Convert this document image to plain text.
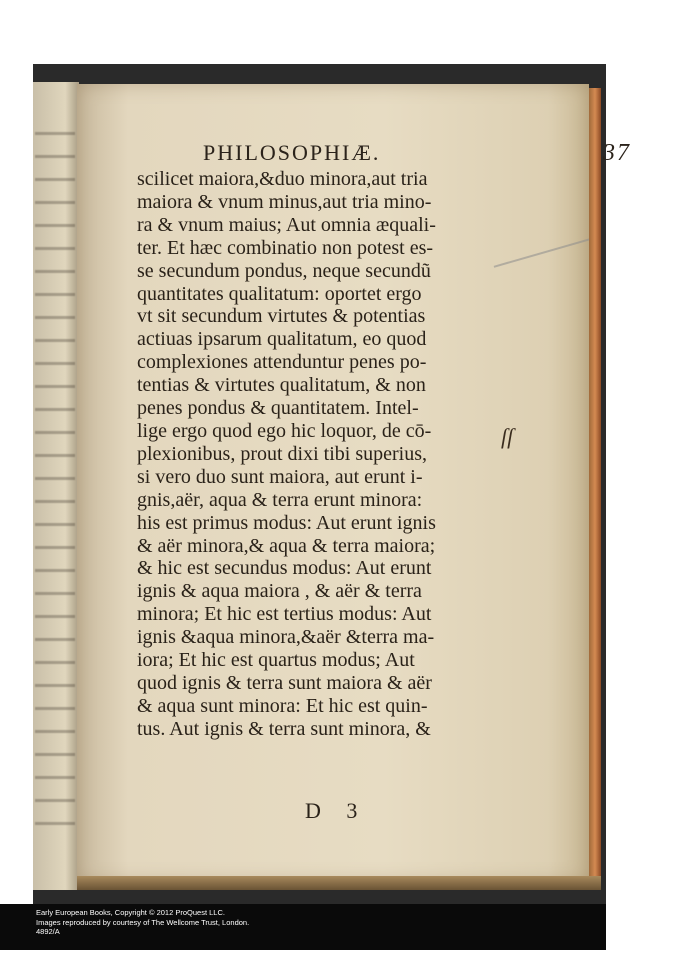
PHILOSOPHIÆ.	37
scilicet maiora,&duo minora,aut tria
maiora & vnum minus,aut tria mino-
ra & vnum maius; Aut omnia æquali-
ter. Et hæc combinatio non potest es-
se secundum pondus, neque secundũ
quantitates qualitatum: oportet ergo
vt sit secundum virtutes & potentias
actiuas ipsarum qualitatum, eo quod
complexiones attenduntur penes po-
tentias & virtutes qualitatum, & non
penes pondus & quantitatem. Intel-
lige ergo quod ego hic loquor, de cō-
plexionibus, prout dixi tibi superius,
si vero duo sunt maiora, aut erunt i-
gnis,aër, aqua & terra erunt minora:
his est primus modus: Aut erunt ignis
& aër minora,& aqua & terra maiora;
& hic est secundus modus: Aut erunt
ignis & aqua maiora , & aër & terra
minora; Et hic est tertius modus: Aut
ignis &aqua minora,&aër &terra ma-
iora; Et hic est quartus modus; Aut
quod ignis & terra sunt maiora & aër
& aqua sunt minora: Et hic est quin-
tus. Aut ignis & terra sunt minora, &
ſſ
D 3
Early European Books, Copyright © 2012 ProQuest LLC.
Images reproduced by courtesy of The Wellcome Trust, London.
4892/A
